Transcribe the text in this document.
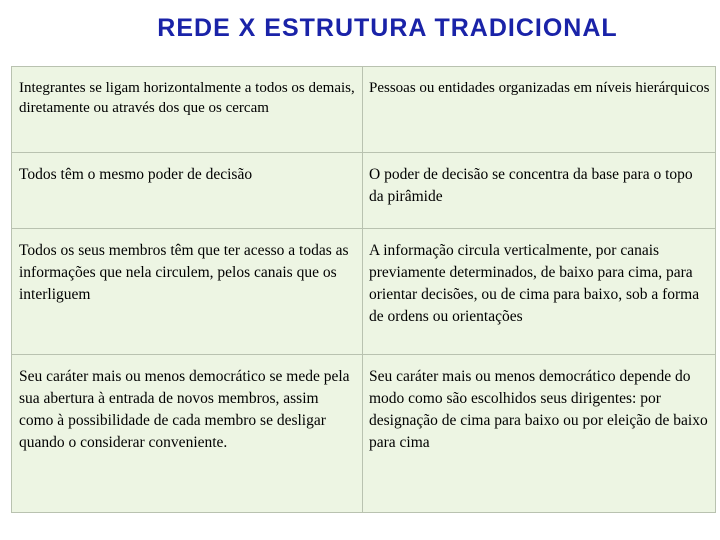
REDE X ESTRUTURA TRADICIONAL
Integrantes se ligam horizontalmente a todos os demais, diretamente ou através dos que os cercam	Pessoas ou entidades organizadas em níveis hierárquicos
Todos têm o mesmo poder de decisão	O poder de decisão se concentra da base para o topo da pirâmide
Todos os seus membros têm que ter acesso a todas as informações que nela circulem, pelos canais que os interliguem	A informação circula verticalmente, por canais previamente determinados, de baixo para cima, para orientar decisões, ou de cima para baixo, sob a forma de ordens ou orientações
Seu caráter mais ou menos democrático se mede pela sua abertura à entrada de novos membros, assim como à possibilidade de cada membro se desligar quando o considerar conveniente.	Seu caráter mais ou menos democrático depende do modo como são escolhidos seus dirigentes: por designação de cima para baixo ou por eleição de baixo para cima
